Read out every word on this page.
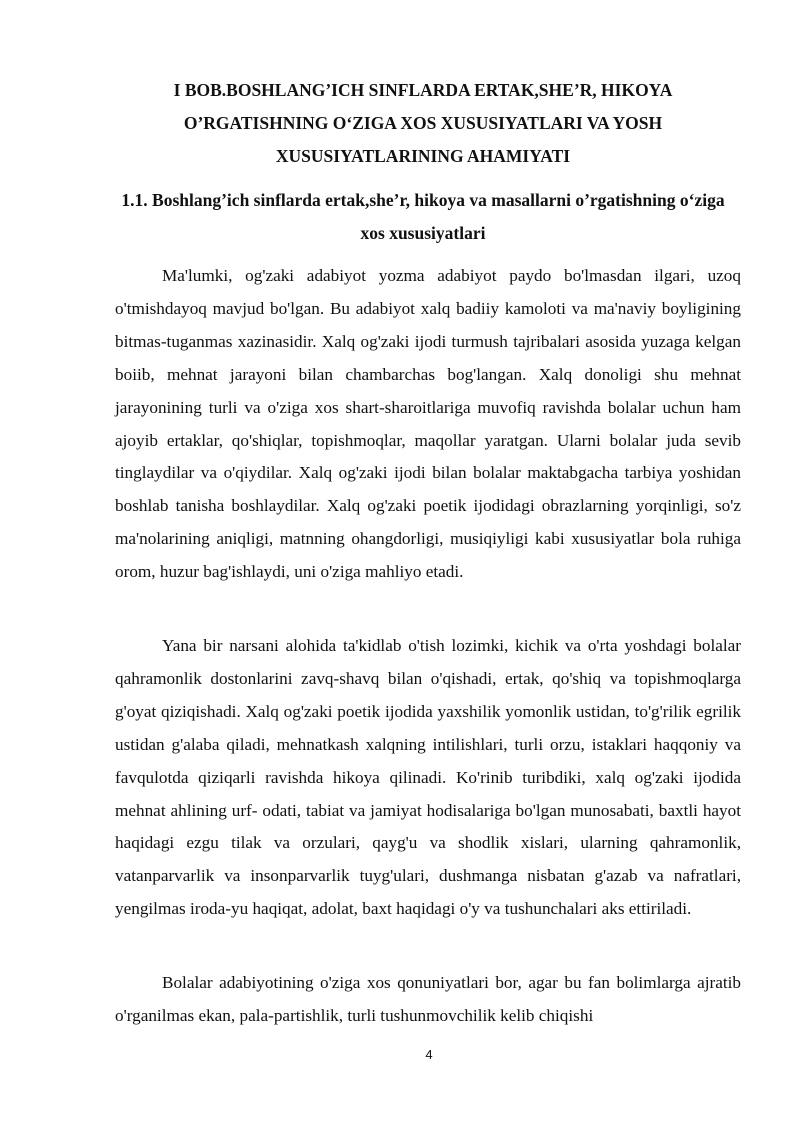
I BOB.BOSHLANG’ICH SINFLARDA ERTAK,SHE’R, HIKOYA O’RGATISHNING O‘ZIGA XOS XUSUSIYATLARI VA YOSH XUSUSIYATLARINING AHAMIYATI
1.1. Boshlang’ich sinflarda ertak,she’r, hikoya va masallarni o’rgatishning o‘ziga xos xususiyatlari

Ma'lumki, og'zaki adabiyot yozma adabiyot paydo bo'lmasdan ilgari, uzoq o'tmishdayoq mavjud bo'lgan. Bu adabiyot xalq badiiy kamoloti va ma'naviy boyligining bitmas-tuganmas xazinasidir. Xalq og'zaki ijodi turmush tajribalari asosida yuzaga kelgan boiib, mehnat jarayoni bilan chambarchas bog'langan. Xalq donoligi shu mehnat jarayonining turli va o'ziga xos shart-sharoitlariga muvofiq ravishda bolalar uchun ham ajoyib ertaklar, qo'shiqlar, topishmoqlar, maqollar yaratgan. Ularni bolalar juda sevib tinglaydilar va o'qiydilar. Xalq og'zaki ijodi bilan bolalar maktabgacha tarbiya yoshidan boshlab tanisha boshlaydilar. Xalq og'zaki poetik ijodidagi obrazlarning yorqinligi, so'z ma'nolarining aniqligi, matnning ohangdorligi, musiqiyligi kabi xususiyatlar bola ruhiga orom, huzur bag'ishlaydi, uni o'ziga mahliyo etadi.

Yana bir narsani alohida ta'kidlab o'tish lozimki, kichik va o'rta yoshdagi bolalar qahramonlik dostonlarini zavq-shavq bilan o'qishadi, ertak, qo'shiq va topishmoqlarga g'oyat qiziqishadi. Xalq og'zaki poetik ijodida yaxshilik yomonlik ustidan, to'g'rilik egrilik ustidan g'alaba qiladi, mehnatkash xalqning intilishlari, turli orzu, istaklari haqqoniy va favqulotda qiziqarli ravishda hikoya qilinadi. Ko'rinib turibdiki, xalq og'zaki ijodida mehnat ahlining urf- odati, tabiat va jamiyat hodisalariga bo'lgan munosabati, baxtli hayot haqidagi ezgu tilak va orzulari, qayg'u va shodlik xislari, ularning qahramonlik, vatanparvarlik va insonparvarlik tuyg'ulari, dushmanga nisbatan g'azab va nafratlari, yengilmas iroda-yu haqiqat, adolat, baxt haqidagi o'y va tushunchalari aks ettiriladi.

Bolalar adabiyotining o'ziga xos qonuniyatlari bor, agar bu fan bolimlarga ajratib o'rganilmas ekan, pala-partishlik, turli tushunmovchilik kelib chiqishi

4
